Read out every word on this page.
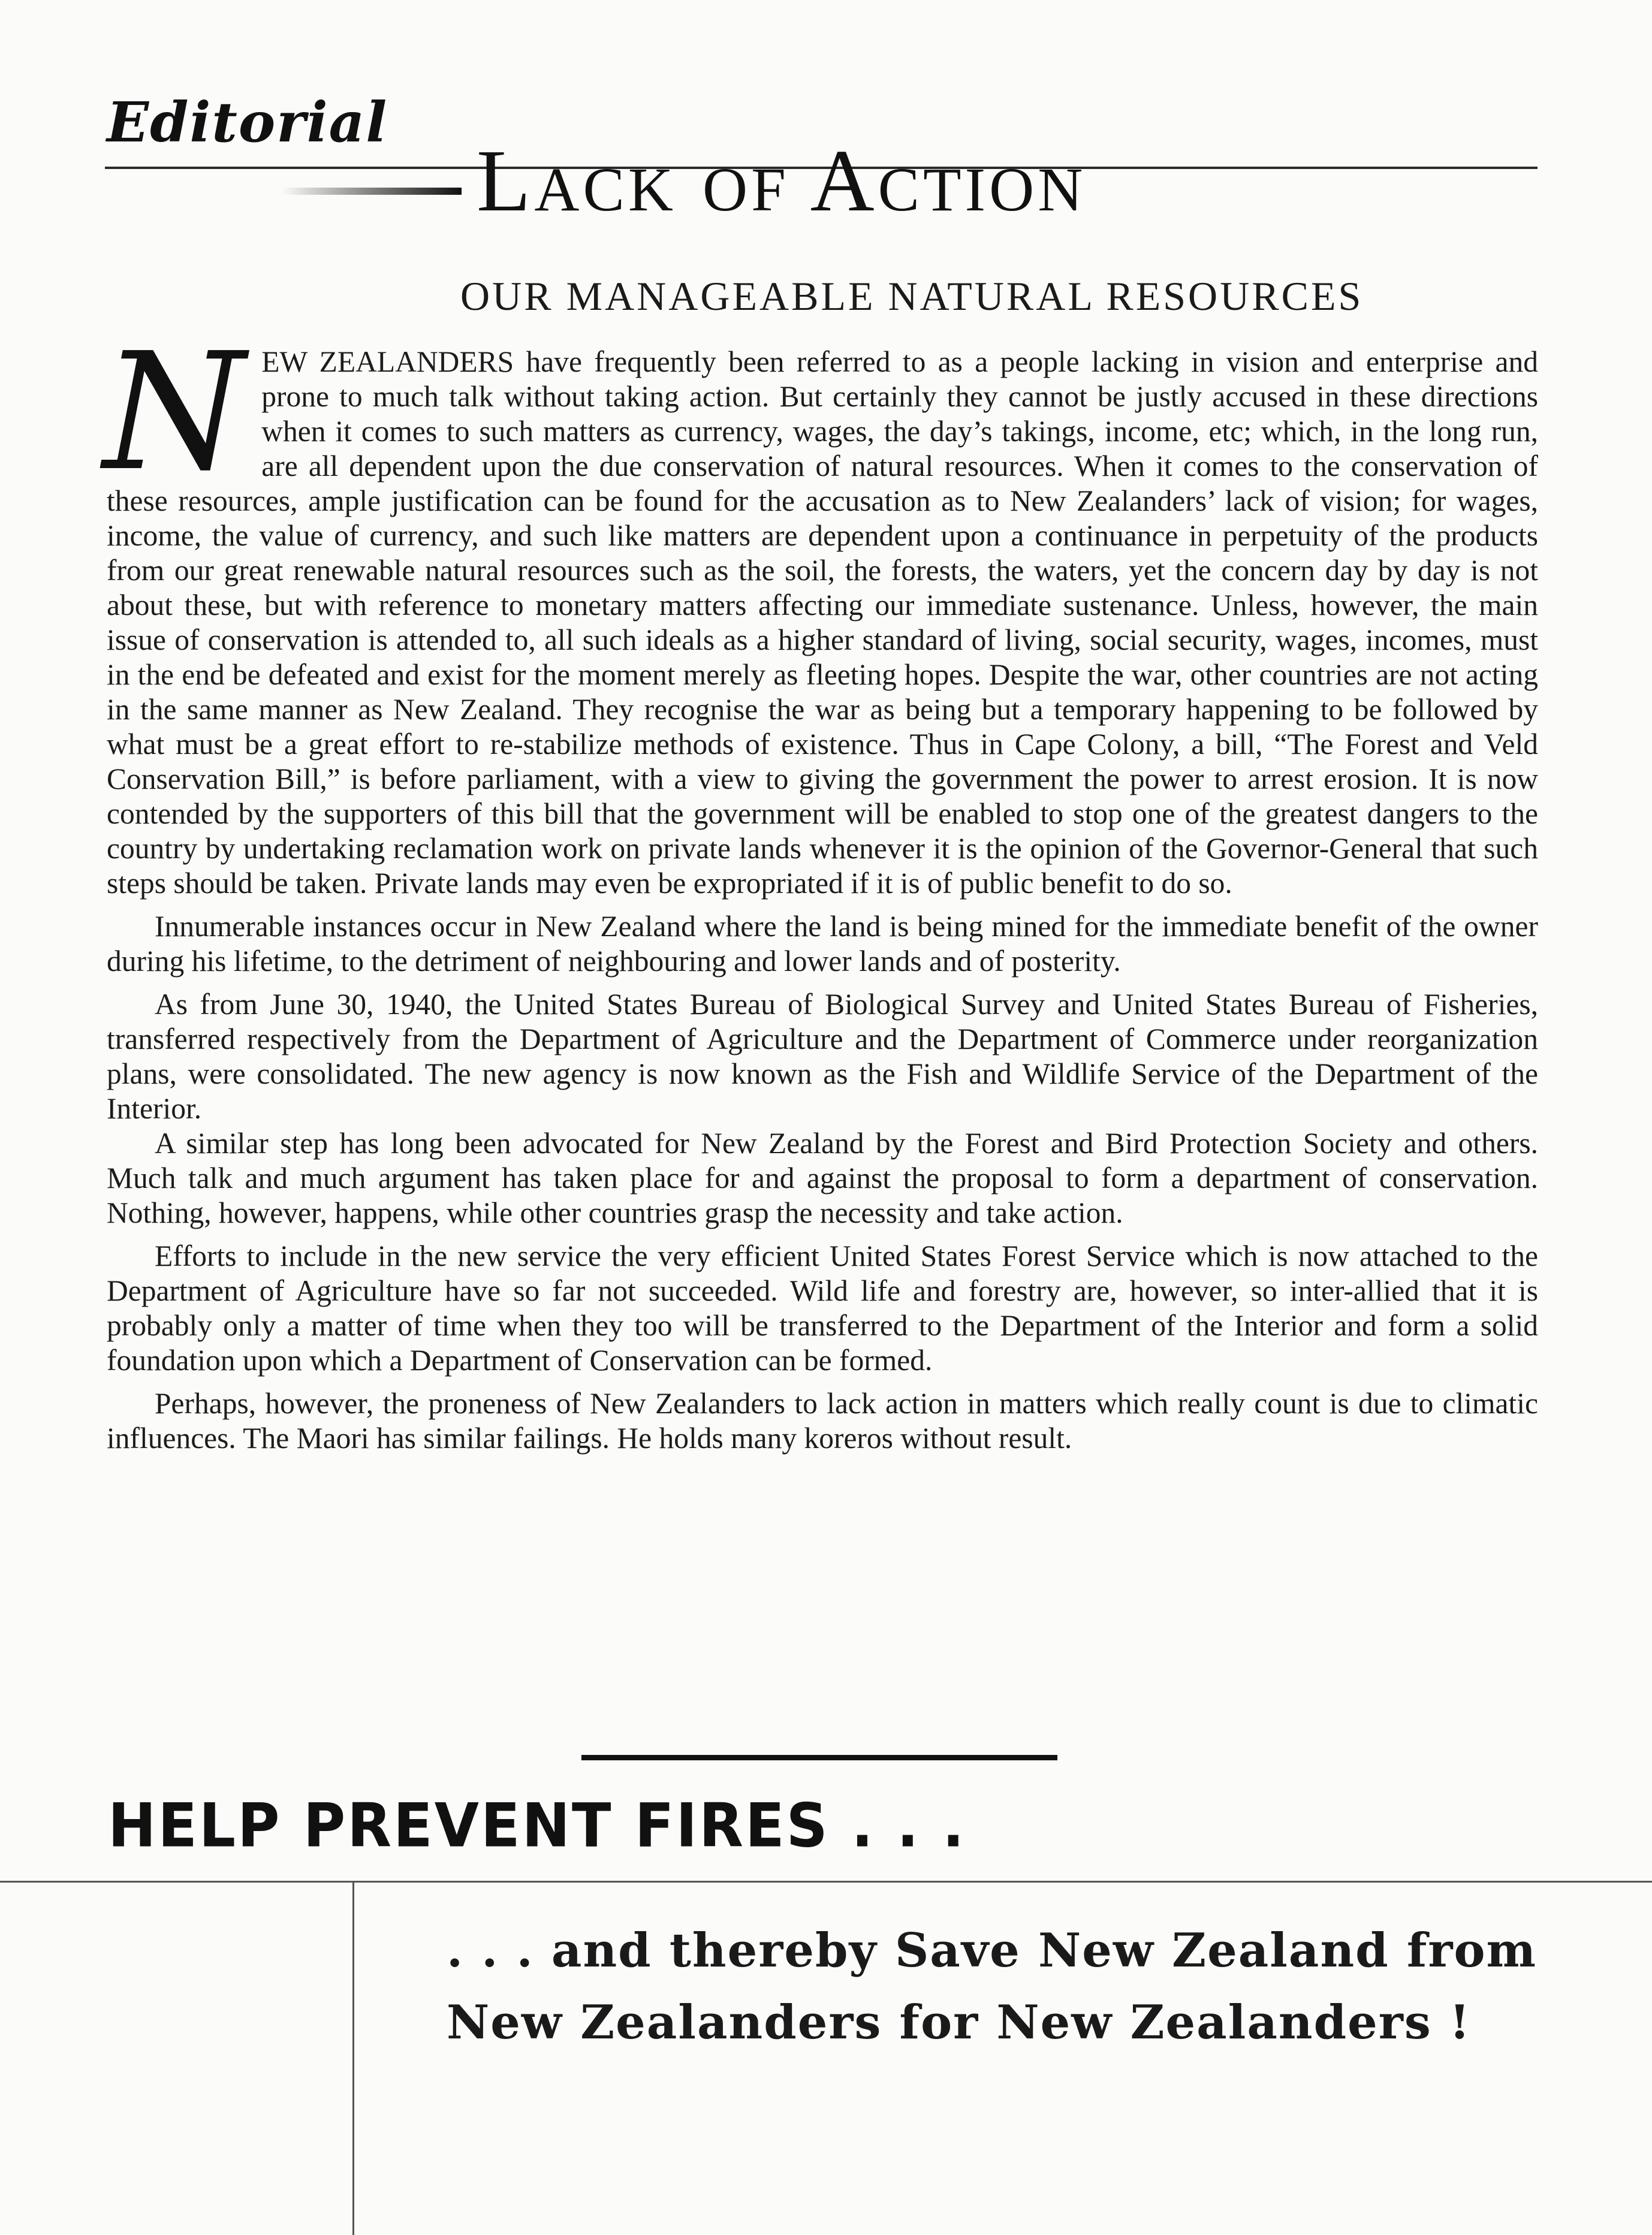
Editorial
Lack of Action
OUR MANAGEABLE NATURAL RESOURCES

NEW ZEALANDERS have frequently been referred to as a people lacking in vision and enterprise and prone to much talk without taking action. But certainly they cannot be justly accused in these directions when it comes to such matters as currency, wages, the day’s takings, income, etc; which, in the long run, are all dependent upon the due conservation of natural resources. When it comes to the conservation of these resources, ample justification can be found for the accusation as to New Zealanders’ lack of vision; for wages, income, the value of currency, and such like matters are dependent upon a continuance in perpetuity of the products from our great renewable natural resources such as the soil, the forests, the waters, yet the concern day by day is not about these, but with reference to monetary matters affecting our immediate sustenance. Unless, however, the main issue of conservation is attended to, all such ideals as a higher standard of living, social security, wages, incomes, must in the end be defeated and exist for the moment merely as fleeting hopes. Despite the war, other countries are not acting in the same manner as New Zealand. They recognise the war as being but a temporary happening to be followed by what must be a great effort to re-stabilize methods of existence. Thus in Cape Colony, a bill, “The Forest and Veld Conservation Bill,” is before parliament, with a view to giving the government the power to arrest erosion. It is now contended by the supporters of this bill that the government will be enabled to stop one of the greatest dangers to the country by undertaking reclamation work on private lands whenever it is the opinion of the Governor-General that such steps should be taken. Private lands may even be expropriated if it is of public benefit to do so.

Innumerable instances occur in New Zealand where the land is being mined for the immediate benefit of the owner during his lifetime, to the detriment of neighbouring and lower lands and of posterity.

As from June 30, 1940, the United States Bureau of Biological Survey and United States Bureau of Fisheries, transferred respectively from the Department of Agriculture and the Department of Commerce under reorganization plans, were consolidated. The new agency is now known as the Fish and Wildlife Service of the Department of the Interior.

A similar step has long been advocated for New Zealand by the Forest and Bird Protection Society and others. Much talk and much argument has taken place for and against the proposal to form a department of conservation. Nothing, however, happens, while other countries grasp the necessity and take action.

Efforts to include in the new service the very efficient United States Forest Service which is now attached to the Department of Agriculture have so far not succeeded. Wild life and forestry are, however, so inter-allied that it is probably only a matter of time when they too will be transferred to the Department of the Interior and form a solid foundation upon which a Department of Conservation can be formed.

Perhaps, however, the proneness of New Zealanders to lack action in matters which really count is due to climatic influences. The Maori has similar failings. He holds many koreros without result.

HELP PREVENT FIRES . . .
. . . and thereby Save New Zealand from
New Zealanders for New Zealanders !
